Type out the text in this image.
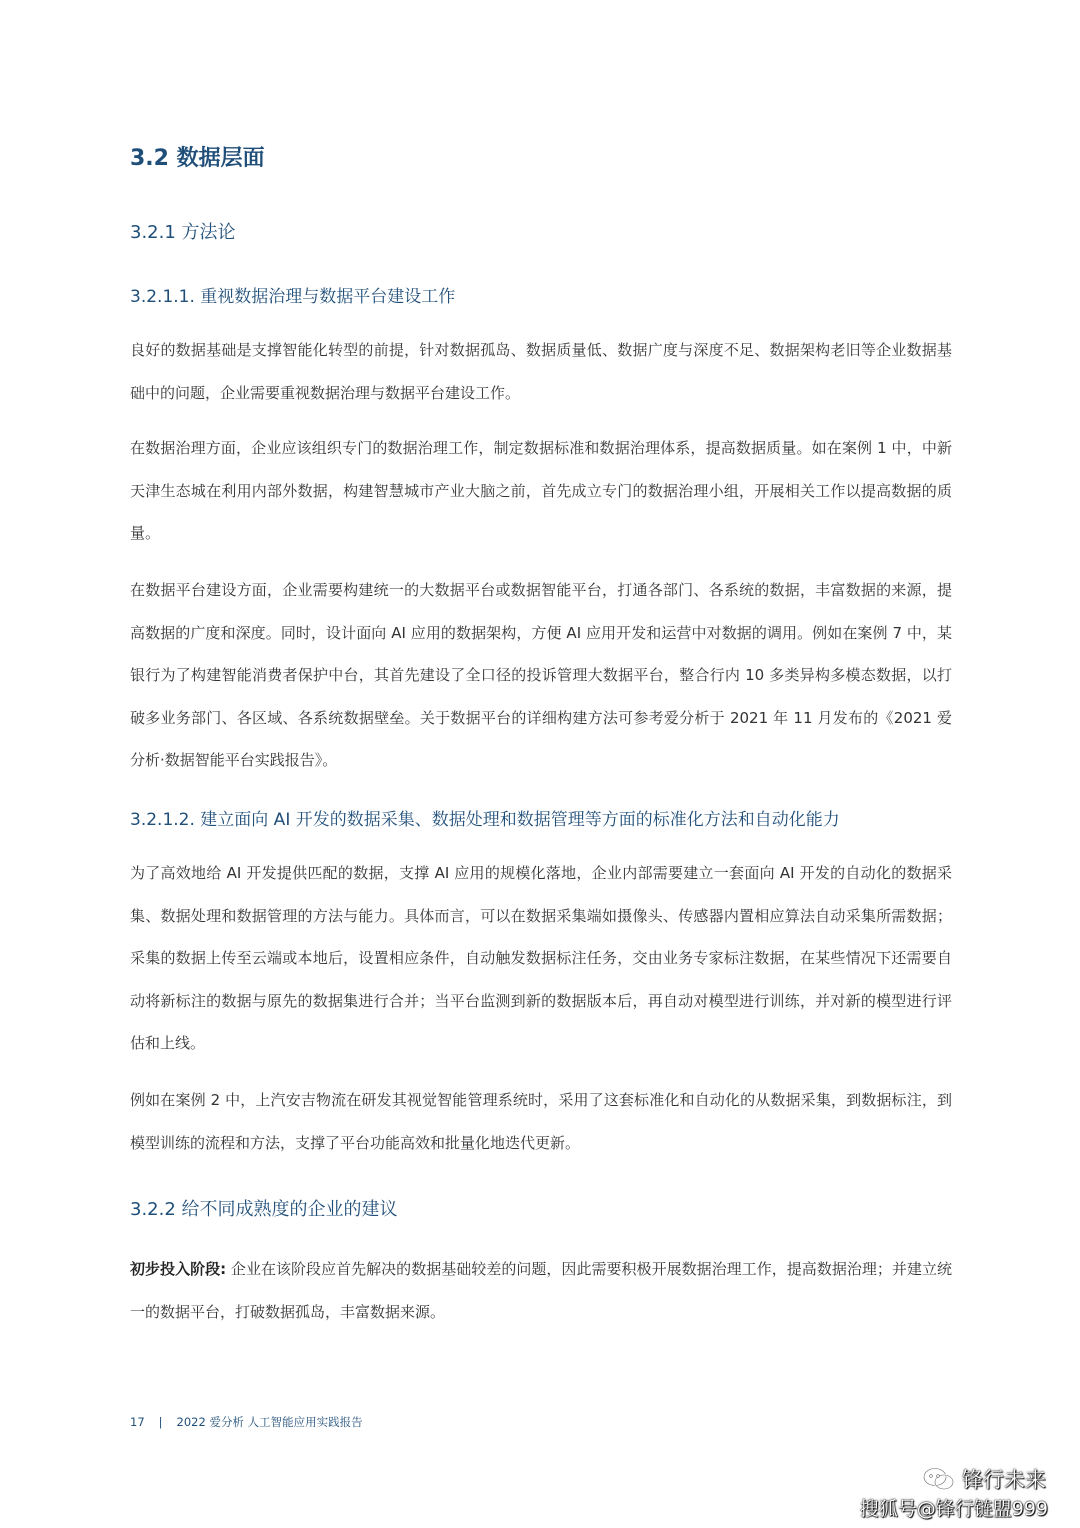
3.2 数据层面
3.2.1 方法论
3.2.1.1. 重视数据治理与数据平台建设工作

良好的数据基础是支撑智能化转型的前提，针对数据孤岛、数据质量低、数据广度与深度不足、数据架构老旧等企业数据基础中的问题，企业需要重视数据治理与数据平台建设工作。

在数据治理方面，企业应该组织专门的数据治理工作，制定数据标准和数据治理体系，提高数据质量。如在案例 1 中，中新天津生态城在利用内部外数据，构建智慧城市产业大脑之前，首先成立专门的数据治理小组，开展相关工作以提高数据的质量。

在数据平台建设方面，企业需要构建统一的大数据平台或数据智能平台，打通各部门、各系统的数据，丰富数据的来源，提高数据的广度和深度。同时，设计面向 AI 应用的数据架构，方便 AI 应用开发和运营中对数据的调用。例如在案例 7 中，某银行为了构建智能消费者保护中台，其首先建设了全口径的投诉管理大数据平台，整合行内 10 多类异构多模态数据，以打破多业务部门、各区域、各系统数据壁垒。关于数据平台的详细构建方法可参考爱分析于 2021 年 11 月发布的《2021 爱分析·数据智能平台实践报告》。

3.2.1.2. 建立面向 AI 开发的数据采集、数据处理和数据管理等方面的标准化方法和自动化能力

为了高效地给 AI 开发提供匹配的数据，支撑 AI 应用的规模化落地，企业内部需要建立一套面向 AI 开发的自动化的数据采集、数据处理和数据管理的方法与能力。具体而言，可以在数据采集端如摄像头、传感器内置相应算法自动采集所需数据；采集的数据上传至云端或本地后，设置相应条件，自动触发数据标注任务，交由业务专家标注数据，在某些情况下还需要自动将新标注的数据与原先的数据集进行合并；当平台监测到新的数据版本后，再自动对模型进行训练，并对新的模型进行评估和上线。

例如在案例 2 中，上汽安吉物流在研发其视觉智能管理系统时，采用了这套标准化和自动化的从数据采集，到数据标注，到模型训练的流程和方法，支撑了平台功能高效和批量化地迭代更新。

3.2.2 给不同成熟度的企业的建议

初步投入阶段: 企业在该阶段应首先解决的数据基础较差的问题，因此需要积极开展数据治理工作，提高数据治理；并建立统一的数据平台，打破数据孤岛，丰富数据来源。

17 | 2022 爱分析 人工智能应用实践报告
锋行未来
搜狐号@锋行链盟999
